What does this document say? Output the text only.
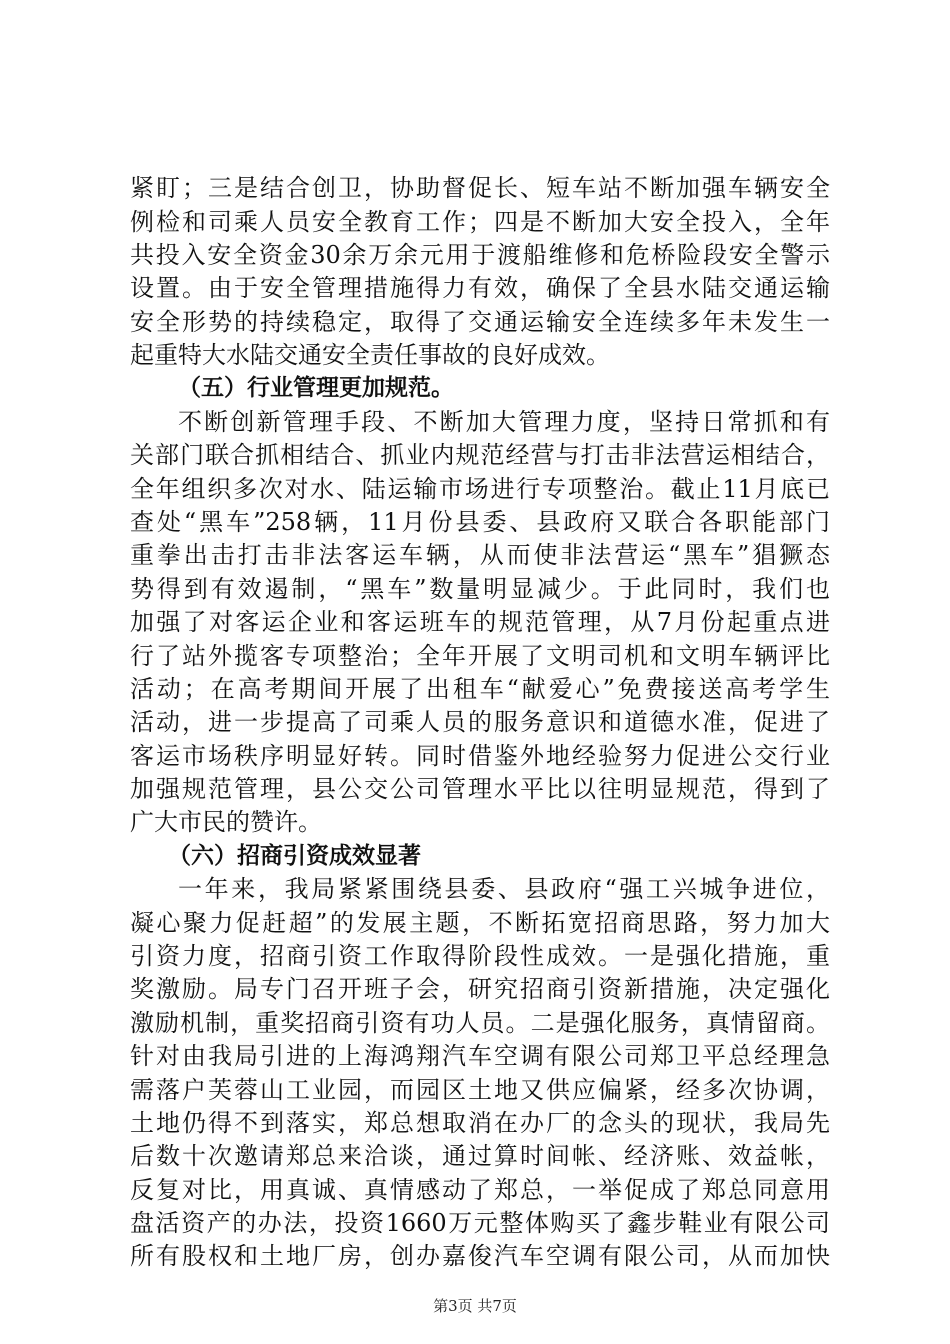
紧盯；三是结合创卫，协助督促长、短车站不断加强车辆安全
例检和司乘人员安全教育工作；四是不断加大安全投入，全年
共投入安全资金30余万余元用于渡船维修和危桥险段安全警示
设置。由于安全管理措施得力有效，确保了全县水陆交通运输
安全形势的持续稳定，取得了交通运输安全连续多年未发生一
起重特大水陆交通安全责任事故的良好成效。
（五）行业管理更加规范。
不断创新管理手段、不断加大管理力度，坚持日常抓和有
关部门联合抓相结合、抓业内规范经营与打击非法营运相结合，
全年组织多次对水、陆运输市场进行专项整治。截止11月底已
查处“黑车”258辆，11月份县委、县政府又联合各职能部门
重拳出击打击非法客运车辆，从而使非法营运“黑车”猖獗态
势得到有效遏制，“黑车”数量明显减少。于此同时，我们也
加强了对客运企业和客运班车的规范管理，从7月份起重点进
行了站外揽客专项整治；全年开展了文明司机和文明车辆评比
活动；在高考期间开展了出租车“献爱心”免费接送高考学生
活动，进一步提高了司乘人员的服务意识和道德水准，促进了
客运市场秩序明显好转。同时借鉴外地经验努力促进公交行业
加强规范管理，县公交公司管理水平比以往明显规范，得到了
广大市民的赞许。
（六）招商引资成效显著
一年来，我局紧紧围绕县委、县政府“强工兴城争进位，
凝心聚力促赶超”的发展主题，不断拓宽招商思路，努力加大
引资力度，招商引资工作取得阶段性成效。一是强化措施，重
奖激励。局专门召开班子会，研究招商引资新措施，决定强化
激励机制，重奖招商引资有功人员。二是强化服务，真情留商。
针对由我局引进的上海鸿翔汽车空调有限公司郑卫平总经理急
需落户芙蓉山工业园，而园区土地又供应偏紧，经多次协调，
土地仍得不到落实，郑总想取消在办厂的念头的现状，我局先
后数十次邀请郑总来洽谈，通过算时间帐、经济账、效益帐，
反复对比，用真诚、真情感动了郑总，一举促成了郑总同意用
盘活资产的办法，投资1660万元整体购买了鑫步鞋业有限公司
所有股权和土地厂房，创办嘉俊汽车空调有限公司，从而加快
第3页 共7页
